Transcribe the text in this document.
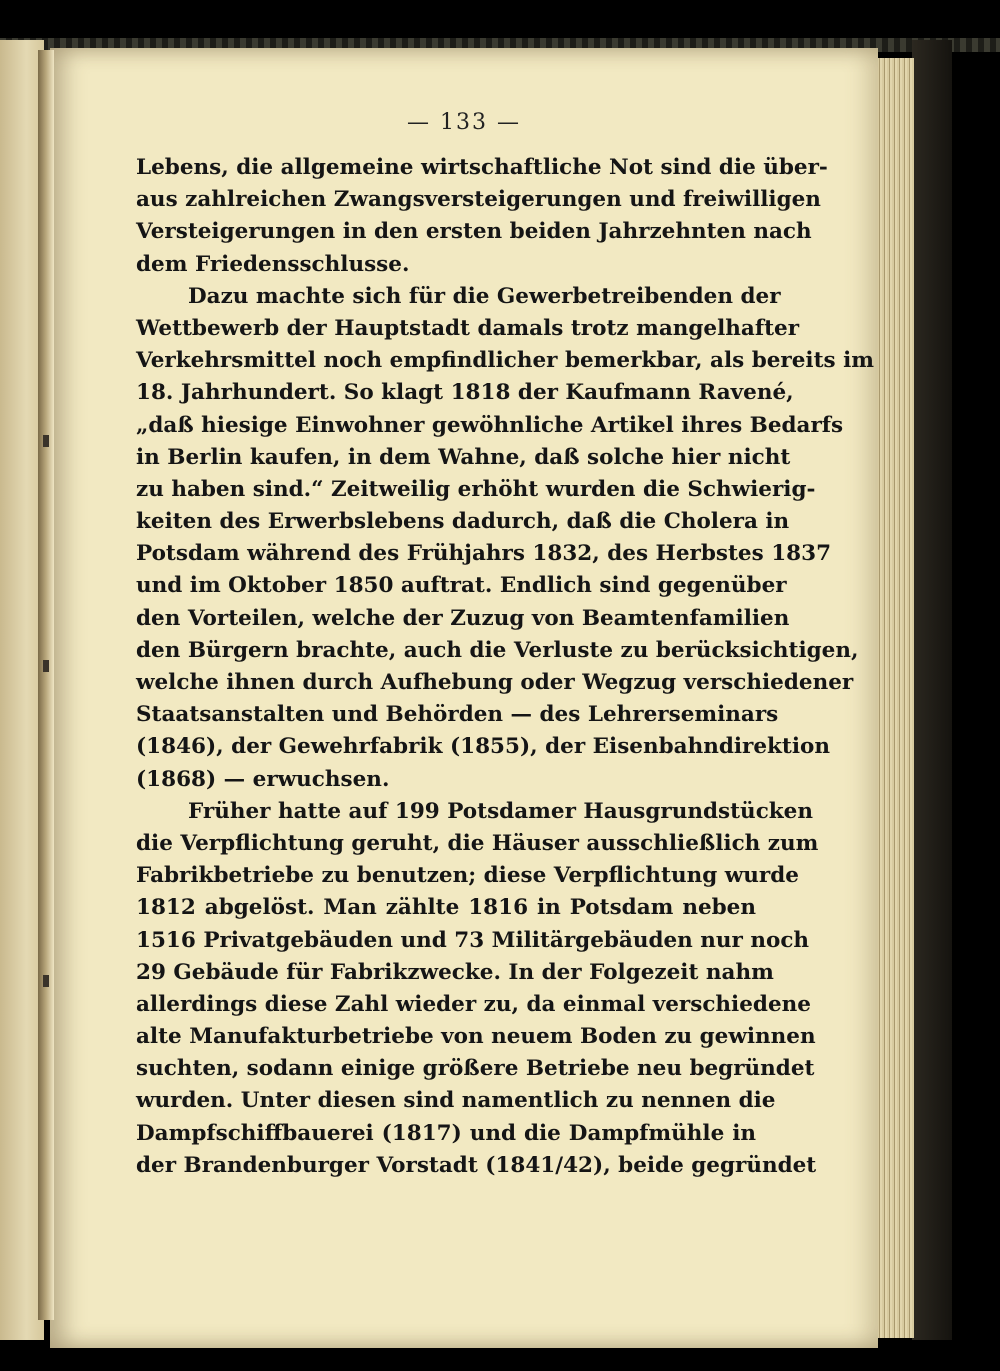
— 133 —
Lebens, die allgemeine wirtschaftliche Not sind die über-
aus zahlreichen Zwangsversteigerungen und freiwilligen
Versteigerungen in den ersten beiden Jahrzehnten nach
dem Friedensschlusse.
Dazu machte sich für die Gewerbetreibenden der
Wettbewerb der Hauptstadt damals trotz mangelhafter
Verkehrsmittel noch empfindlicher bemerkbar, als bereits im
18. Jahrhundert. So klagt 1818 der Kaufmann Ravené,
„daß hiesige Einwohner gewöhnliche Artikel ihres Bedarfs
in Berlin kaufen, in dem Wahne, daß solche hier nicht
zu haben sind.“ Zeitweilig erhöht wurden die Schwierig-
keiten des Erwerbslebens dadurch, daß die Cholera in
Potsdam während des Frühjahrs 1832, des Herbstes 1837
und im Oktober 1850 auftrat. Endlich sind gegenüber
den Vorteilen, welche der Zuzug von Beamtenfamilien
den Bürgern brachte, auch die Verluste zu berücksichtigen,
welche ihnen durch Aufhebung oder Wegzug verschiedener
Staatsanstalten und Behörden — des Lehrerseminars
(1846), der Gewehrfabrik (1855), der Eisenbahndirektion
(1868) — erwuchsen.
Früher hatte auf 199 Potsdamer Hausgrundstücken
die Verpflichtung geruht, die Häuser ausschließlich zum
Fabrikbetriebe zu benutzen; diese Verpflichtung wurde
1812 abgelöst. Man zählte 1816 in Potsdam neben
1516 Privatgebäuden und 73 Militärgebäuden nur noch
29 Gebäude für Fabrikzwecke. In der Folgezeit nahm
allerdings diese Zahl wieder zu, da einmal verschiedene
alte Manufakturbetriebe von neuem Boden zu gewinnen
suchten, sodann einige größere Betriebe neu begründet
wurden. Unter diesen sind namentlich zu nennen die
Dampfschiffbauerei (1817) und die Dampfmühle in
der Brandenburger Vorstadt (1841/42), beide gegründet
